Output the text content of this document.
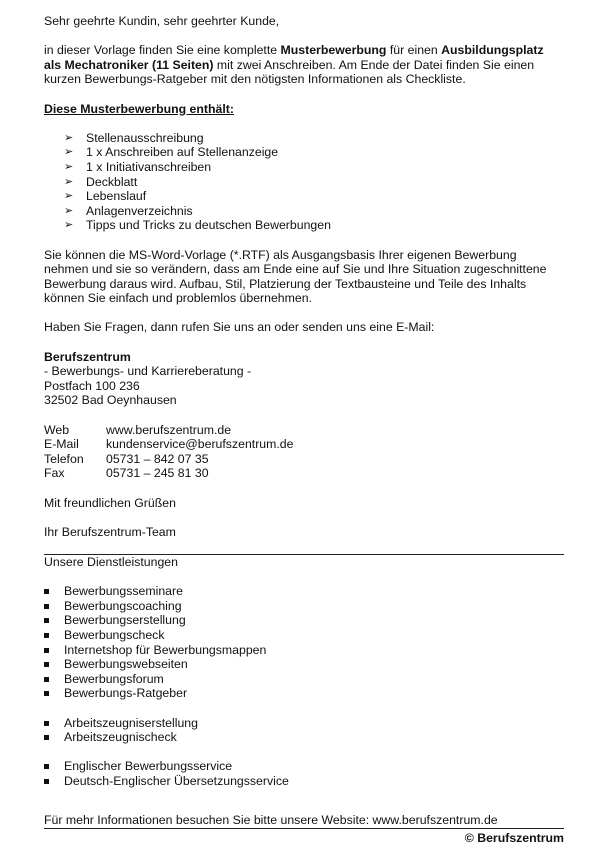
Sehr geehrte Kundin, sehr geehrter Kunde,

in dieser Vorlage finden Sie eine komplette Musterbewerbung für einen Ausbildungsplatz als Mechatroniker (11 Seiten) mit zwei Anschreiben. Am Ende der Datei finden Sie einen kurzen Bewerbungs-Ratgeber mit den nötigsten Informationen als Checkliste.

Diese Musterbewerbung enthält:

➢ Stellenausschreibung
➢ 1 x Anschreiben auf Stellenanzeige
➢ 1 x Initiativanschreiben
➢ Deckblatt
➢ Lebenslauf
➢ Anlagenverzeichnis
➢ Tipps und Tricks zu deutschen Bewerbungen

Sie können die MS-Word-Vorlage (*.RTF) als Ausgangsbasis Ihrer eigenen Bewerbung nehmen und sie so verändern, dass am Ende eine auf Sie und Ihre Situation zugeschnittene Bewerbung daraus wird. Aufbau, Stil, Platzierung der Textbausteine und Teile des Inhalts können Sie einfach und problemlos übernehmen.

Haben Sie Fragen, dann rufen Sie uns an oder senden uns eine E-Mail:

Berufszentrum

- Bewerbungs- und Karriereberatung -

Postfach 100 236

32502 Bad Oeynhausen

Web	www.berufszentrum.de
E-Mail	kundenservice@berufszentrum.de
Telefon	05731 – 842 07 35
Fax	05731 – 245 81 30

Mit freundlichen Grüßen

Ihr Berufszentrum-Team

Unsere Dienstleistungen

Bewerbungsseminare
Bewerbungscoaching
Bewerbungserstellung
Bewerbungscheck
Internetshop für Bewerbungsmappen
Bewerbungswebseiten
Bewerbungsforum
Bewerbungs-Ratgeber
Arbeitszeugniserstellung
Arbeitszeugnischeck
Englischer Bewerbungsservice
Deutsch-Englischer Übersetzungsservice

Für mehr Informationen besuchen Sie bitte unsere Website: www.berufszentrum.de

© Berufszentrum
